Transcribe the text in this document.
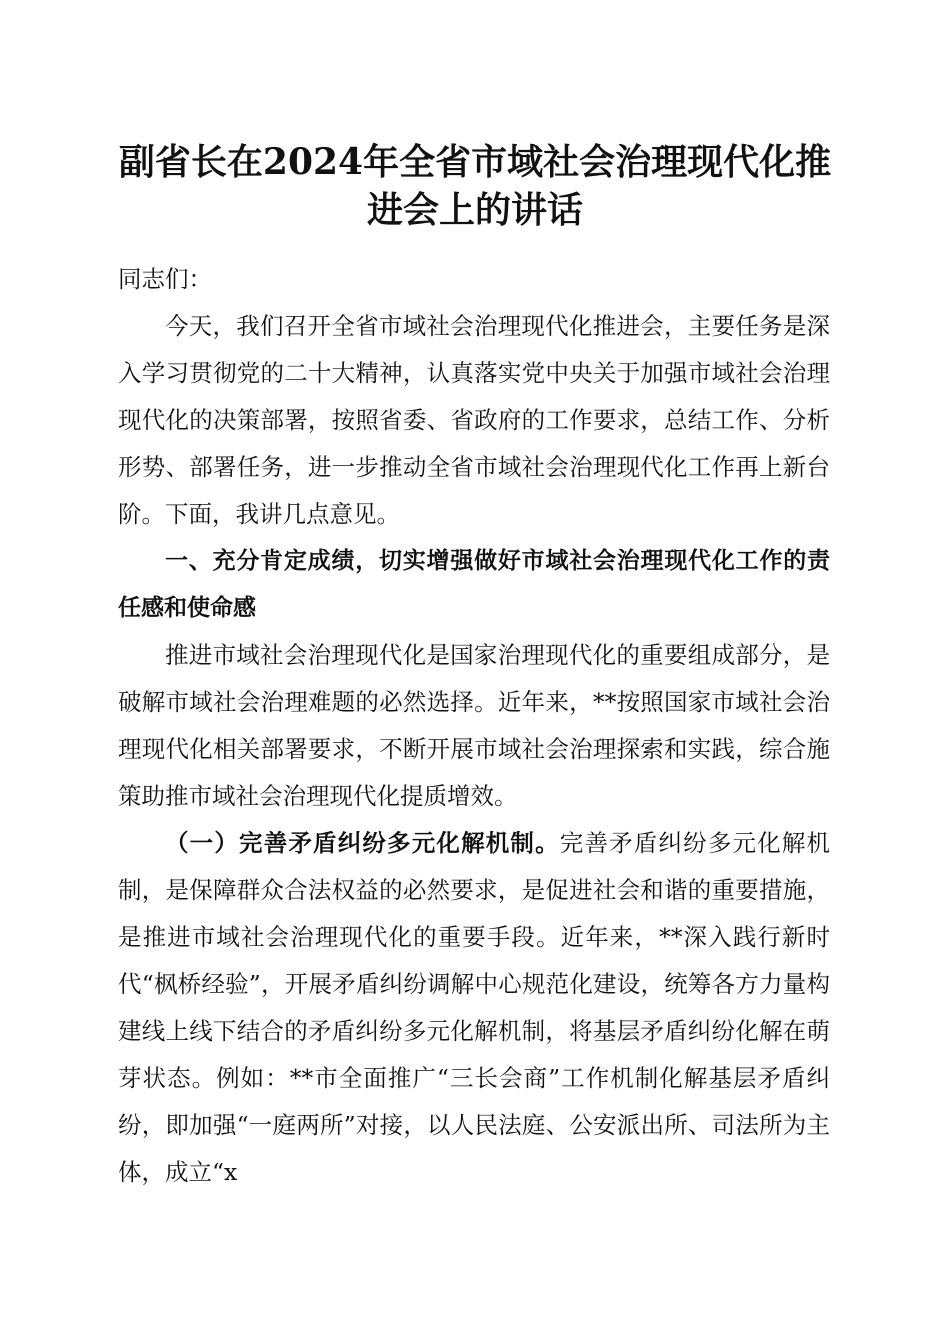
副省长在2024年全省市域社会治理现代化推
进会上的讲话

同志们：

今天，我们召开全省市域社会治理现代化推进会，主要任务是深入学习贯彻党的二十大精神，认真落实党中央关于加强市域社会治理现代化的决策部署，按照省委、省政府的工作要求，总结工作、分析形势、部署任务，进一步推动全省市域社会治理现代化工作再上新台阶。下面，我讲几点意见。

一、充分肯定成绩，切实增强做好市域社会治理现代化工作的责任感和使命感

推进市域社会治理现代化是国家治理现代化的重要组成部分，是破解市域社会治理难题的必然选择。近年来，**按照国家市域社会治理现代化相关部署要求，不断开展市域社会治理探索和实践，综合施策助推市域社会治理现代化提质增效。

（一）完善矛盾纠纷多元化解机制。完善矛盾纠纷多元化解机制，是保障群众合法权益的必然要求，是促进社会和谐的重要措施，是推进市域社会治理现代化的重要手段。近年来，**深入践行新时代“枫桥经验”，开展矛盾纠纷调解中心规范化建设，统筹各方力量构建线上线下结合的矛盾纠纷多元化解机制，将基层矛盾纠纷化解在萌芽状态。例如：**市全面推广“三长会商”工作机制化解基层矛盾纠纷，即加强“一庭两所”对接，以人民法庭、公安派出所、司法所为主体，成立“x
